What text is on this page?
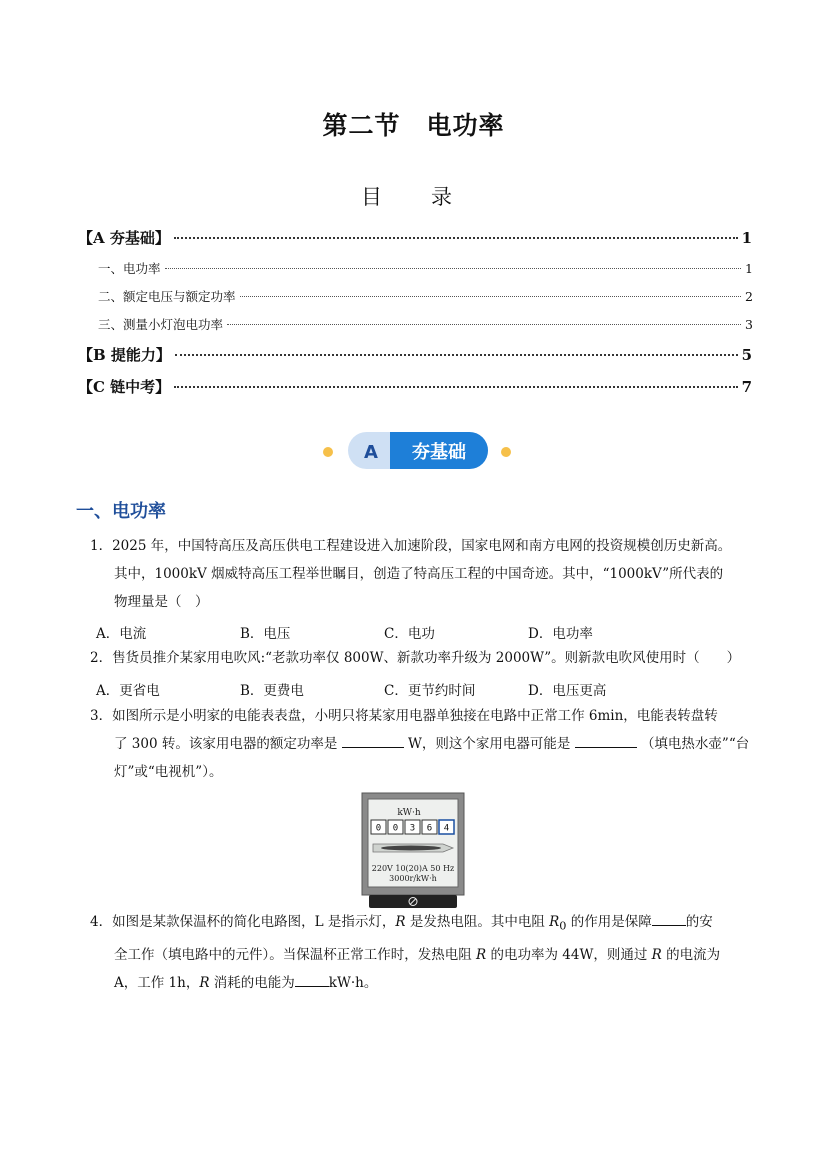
第二节　电功率
目　录
【A 夯基础】	1
一、电功率	1
二、额定电压与额定功率	2
三、测量小灯泡电功率	3
【B 提能力】	5
【C 链中考】	7
A 夯基础
一、电功率
1．2025 年，中国特高压及高压供电工程建设进入加速阶段，国家电网和南方电网的投资规模创历史新高。
其中，1000kV 烟威特高压工程举世瞩目，创造了特高压工程的中国奇迹。其中，“1000kV”所代表的
物理量是（　）
A．电流	B．电压	C．电功	D．电功率
2．售货员推介某家用电吹风:“老款功率仅 800W、新款功率升级为 2000W”。则新款电吹风使用时（　　）
A．更省电	B．更费电	C．更节约时间	D．电压更高
3．如图所示是小明家的电能表表盘，小明只将某家用电器单独接在电路中正常工作 6min，电能表转盘转
了 300 转。该家用电器的额定功率是	W，则这个家用电器可能是	（填电热水壶”“台
灯”或“电视机”）。
kW·h
0 0 3 6 4
220V 10(20)A 50 Hz
3000r/kW·h
4．如图是某款保温杯的简化电路图，L 是指示灯，R 是发热电阻。其中电阻 $R_0$ 的作用是保障	的安
全工作（填电路中的元件）。当保温杯正常工作时，发热电阻 R 的电功率为 44W，则通过 R 的电流为
A，工作 1h，R 消耗的电能为	kW·h。
